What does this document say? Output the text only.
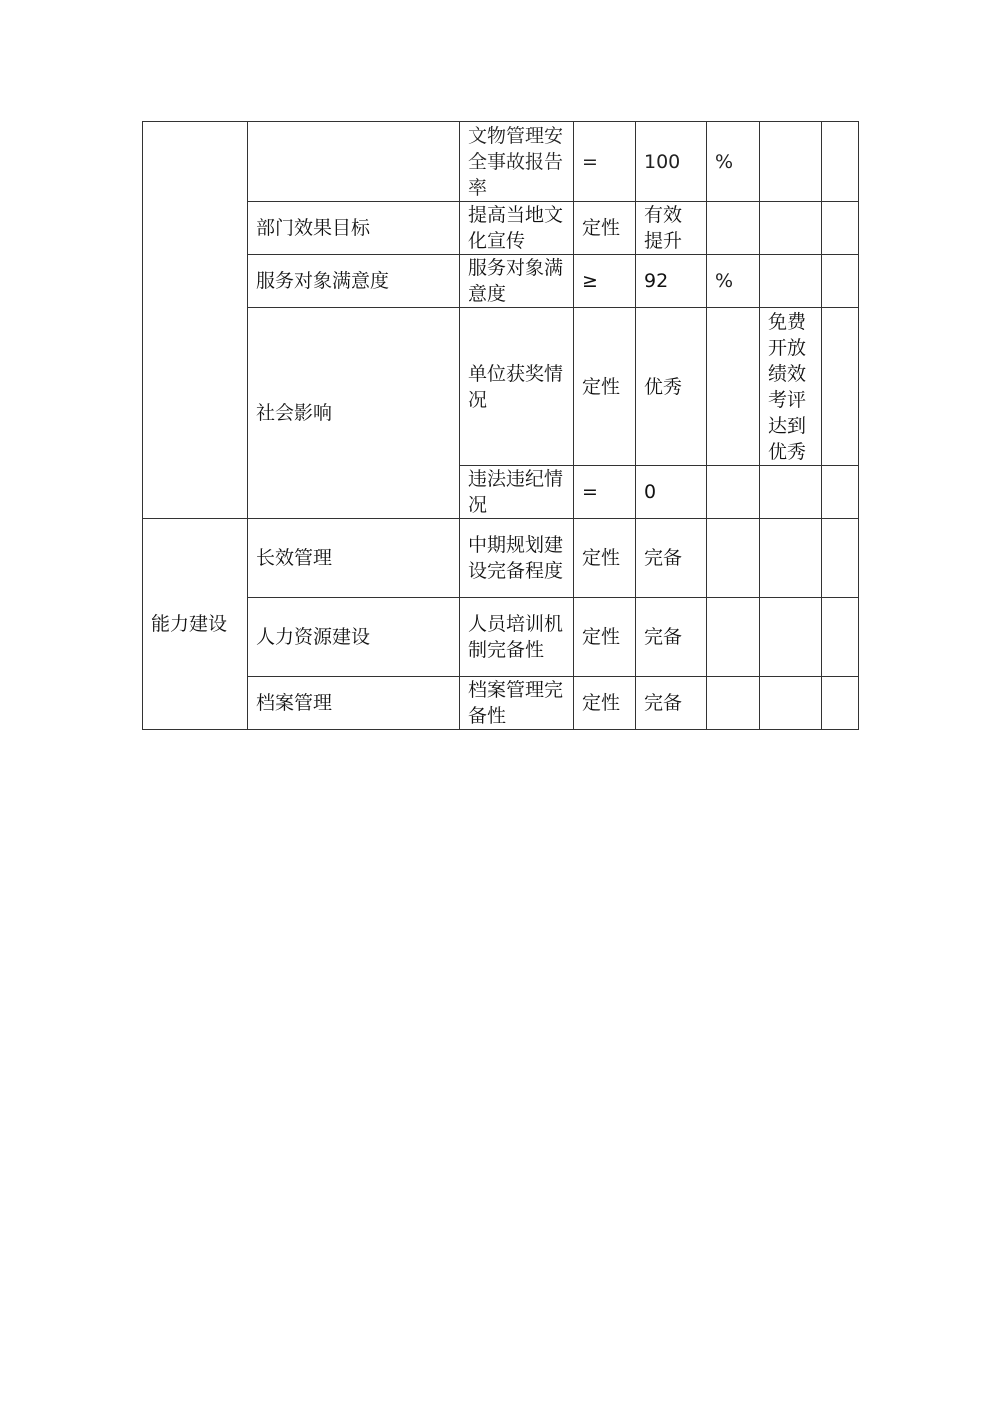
		文物管理安全事故报告率	=	100	%		
	部门效果目标	提高当地文化宣传	定性	有效提升			
	服务对象满意度	服务对象满意度	≥	92	%		
	社会影响	单位获奖情况	定性	优秀		免费开放绩效考评达到优秀	
		违法违纪情况	=	0			
能力建设	长效管理	中期规划建设完备程度	定性	完备			
	人力资源建设	人员培训机制完备性	定性	完备			
	档案管理	档案管理完备性	定性	完备			
